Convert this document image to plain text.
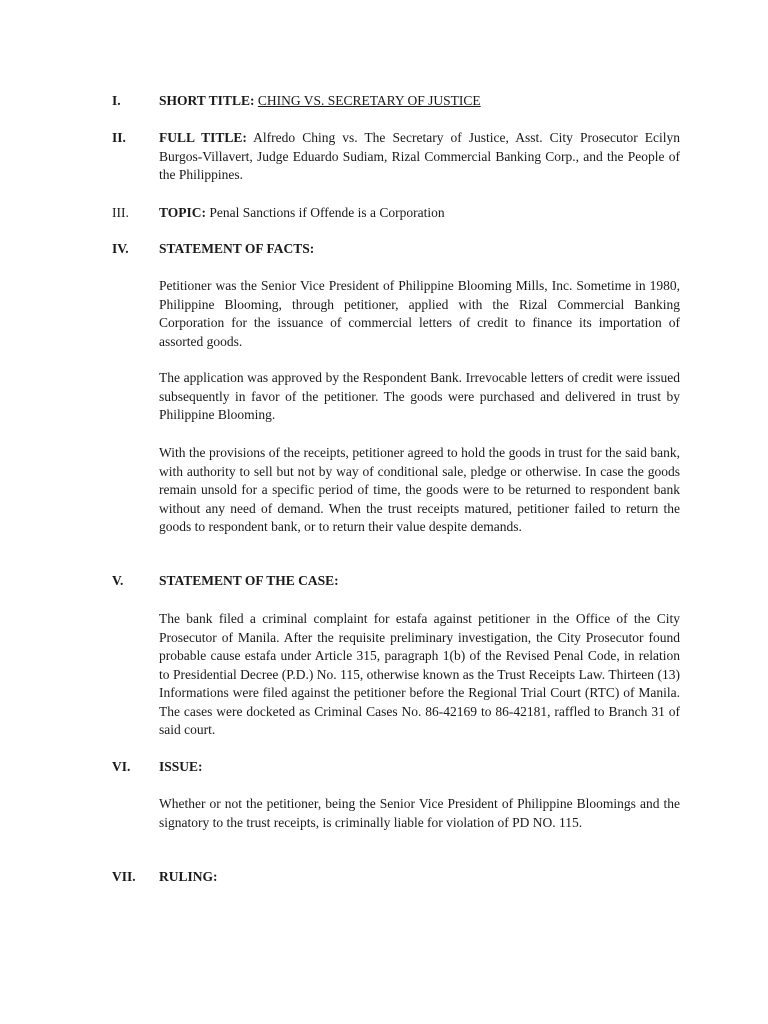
I.	SHORT TITLE: CHING VS. SECRETARY OF JUSTICE
II. FULL TITLE: Alfredo Ching vs. The Secretary of Justice, Asst. City Prosecutor Ecilyn Burgos-Villavert, Judge Eduardo Sudiam, Rizal Commercial Banking Corp., and the People of the Philippines.
III. TOPIC: Penal Sanctions if Offende is a Corporation
IV. STATEMENT OF FACTS:
Petitioner was the Senior Vice President of Philippine Blooming Mills, Inc. Sometime in 1980, Philippine Blooming, through petitioner, applied with the Rizal Commercial Banking Corporation for the issuance of commercial letters of credit to finance its importation of assorted goods.
The application was approved by the Respondent Bank. Irrevocable letters of credit were issued subsequently in favor of the petitioner. The goods were purchased and delivered in trust by Philippine Blooming.
With the provisions of the receipts, petitioner agreed to hold the goods in trust for the said bank, with authority to sell but not by way of conditional sale, pledge or otherwise. In case the goods remain unsold for a specific period of time, the goods were to be returned to respondent bank without any need of demand. When the trust receipts matured, petitioner failed to return the goods to respondent bank, or to return their value despite demands.
V.	STATEMENT OF THE CASE:
The bank filed a criminal complaint for estafa against petitioner in the Office of the City Prosecutor of Manila. After the requisite preliminary investigation, the City Prosecutor found probable cause estafa under Article 315, paragraph 1(b) of the Revised Penal Code, in relation to Presidential Decree (P.D.) No. 115, otherwise known as the Trust Receipts Law. Thirteen (13) Informations were filed against the petitioner before the Regional Trial Court (RTC) of Manila. The cases were docketed as Criminal Cases No. 86-42169 to 86-42181, raffled to Branch 31 of said court.
VI. ISSUE:
Whether or not the petitioner, being the Senior Vice President of Philippine Bloomings and the signatory to the trust receipts, is criminally liable for violation of PD NO. 115.
VII. RULING:
